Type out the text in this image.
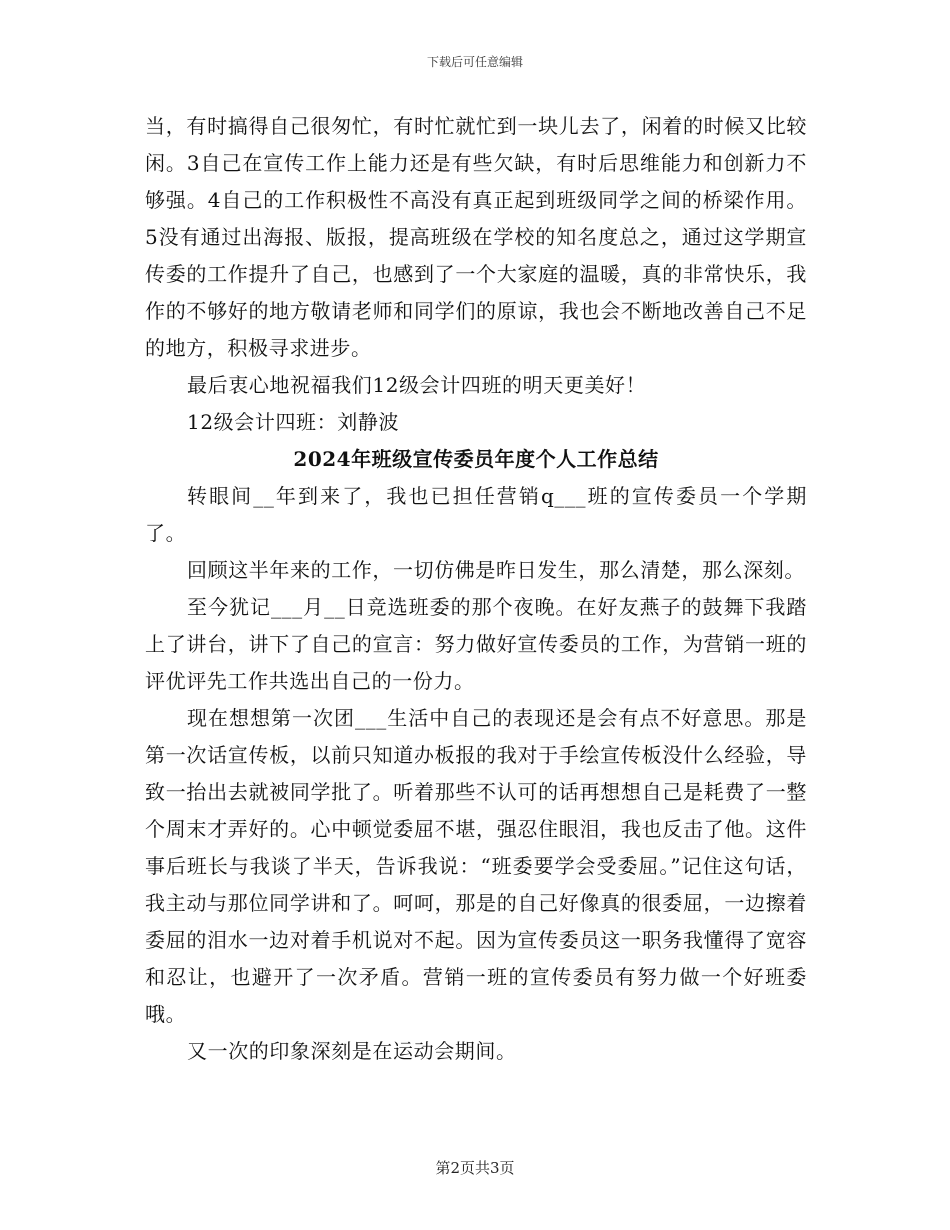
下载后可任意编辑

当，有时搞得自己很匆忙，有时忙就忙到一块儿去了，闲着的时候又比较闲。3自己在宣传工作上能力还是有些欠缺，有时后思维能力和创新力不够强。4自己的工作积极性不高没有真正起到班级同学之间的桥梁作用。5没有通过出海报、版报，提高班级在学校的知名度总之，通过这学期宣传委的工作提升了自己，也感到了一个大家庭的温暖，真的非常快乐，我作的不够好的地方敬请老师和同学们的原谅，我也会不断地改善自己不足的地方，积极寻求进步。

最后衷心地祝福我们12级会计四班的明天更美好！

12级会计四班：刘静波

2024年班级宣传委员年度个人工作总结

转眼间__年到来了，我也已担任营销q___班的宣传委员一个学期了。

回顾这半年来的工作，一切仿佛是昨日发生，那么清楚，那么深刻。

至今犹记___月__日竞选班委的那个夜晚。在好友燕子的鼓舞下我踏上了讲台，讲下了自己的宣言：努力做好宣传委员的工作，为营销一班的评优评先工作共选出自己的一份力。

现在想想第一次团___生活中自己的表现还是会有点不好意思。那是第一次话宣传板，以前只知道办板报的我对于手绘宣传板没什么经验，导致一抬出去就被同学批了。听着那些不认可的话再想想自己是耗费了一整个周末才弄好的。心中顿觉委屈不堪，强忍住眼泪，我也反击了他。这件事后班长与我谈了半天，告诉我说：“班委要学会受委屈。”记住这句话，我主动与那位同学讲和了。呵呵，那是的自己好像真的很委屈，一边擦着委屈的泪水一边对着手机说对不起。因为宣传委员这一职务我懂得了宽容和忍让，也避开了一次矛盾。营销一班的宣传委员有努力做一个好班委哦。

又一次的印象深刻是在运动会期间。

第2页共3页
